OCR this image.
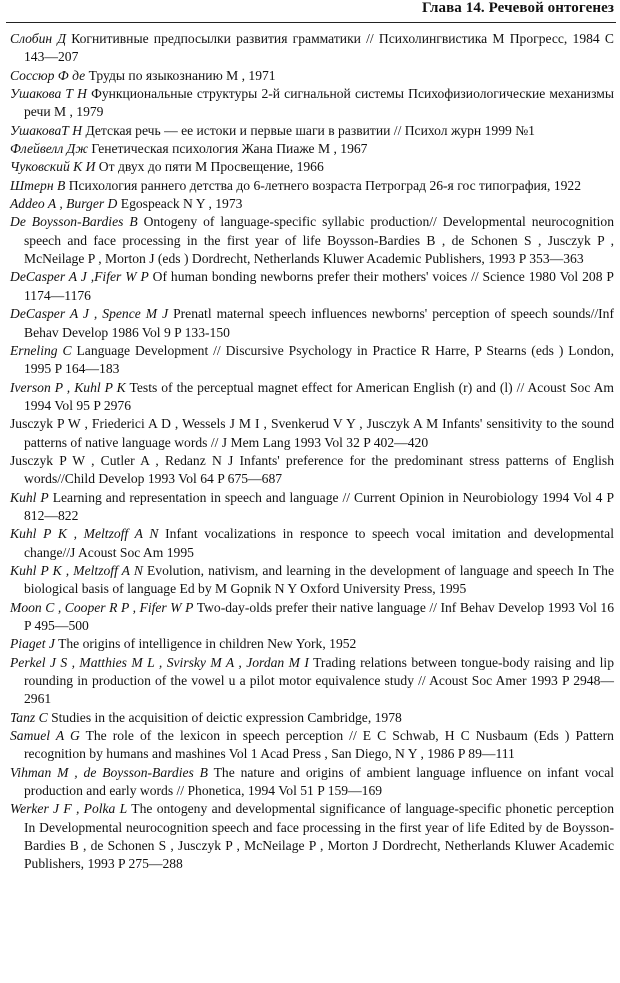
Глава 14. Речевой онтогенез

Слобин Д Когнитивные предпосылки развития грамматики // Психолингвистика М Прогресс, 1984 С 143—207

Соссюр Ф де Труды по языкознанию М , 1971

Ушакова Т Н Функциональные структуры 2-й сигнальной системы Психофизиологические механизмы речи М , 1979

УшаковаТ Н Детская речь — ее истоки и первые шаги в развитии // Психол журн 1999 №1

Флейвелл Дж Генетическая психология Жана Пиаже М , 1967

Чуковский К И От двух до пяти М Просвещение, 1966

Штерн В Психология раннего детства до 6-летнего возраста Петроград 26-я гос типография, 1922

Addeo A , Burger D Egospeack N Y , 1973

De Boysson-Bardies B Ontogeny of language-specific syllabic production// Developmental neurocognition speech and face processing in the first year of life Boysson-Bardies B , de Schonen S , Jusczyk P , McNeilage P , Morton J (eds ) Dordrecht, Netherlands Kluwer Academic Publishers, 1993 P 353—363

DeCasper A J ,Fifer W P Of human bonding newborns prefer their mothers' voices // Science 1980 Vol 208 P 1174—1176

DeCasper A J , Spence M J Prenatl maternal speech influences newborns' perception of speech sounds//Inf Behav Develop 1986 Vol 9 P 133-150

Erneling C Language Development // Discursive Psychology in Practice R Harre, P Stearns (eds ) London, 1995 P 164—183

Iverson P , Kuhl P K Tests of the perceptual magnet effect for American English (r) and (l) // Acoust Soc Am 1994 Vol 95 P 2976

Jusczyk P W , Friederici A D , Wessels J M I , Svenkerud V Y , Jusczyk A M Infants' sensitivity to the sound patterns of native language words // J Mem Lang 1993 Vol 32 P 402—420

Jusczyk P W , Cutler A , Redanz N J Infants' preference for the predominant stress patterns of English words//Child Develop 1993 Vol 64 P 675—687

Kuhl P Learning and representation in speech and language // Current Opinion in Neurobiology 1994 Vol 4 P 812—822

Kuhl P K , Meltzoff A N Infant vocalizations in responce to speech vocal imitation and developmental change//J Acoust Soc Am 1995

Kuhl P K , Meltzoff A N Evolution, nativism, and learning in the development of language and speech In The biological basis of language Ed by M Gopnik N Y Oxford University Press, 1995

Moon C , Cooper R P , Fifer W P Two-day-olds prefer their native language // Inf Behav Develop 1993 Vol 16 P 495—500

Piaget J The origins of intelligence in children New York, 1952

Perkel J S , Matthies M L , Svirsky M A , Jordan M I Trading relations between tongue-body raising and lip rounding in production of the vowel u a pilot motor equivalence study // Acoust Soc Amer 1993 P 2948—2961

Tanz C Studies in the acquisition of deictic expression Cambridge, 1978

Samuel A G The role of the lexicon in speech perception // E C Schwab, H C Nusbaum (Eds ) Pattern recognition by humans and mashines Vol 1 Acad Press , San Diego, N Y , 1986 P 89—111

Vihman M , de Boysson-Bardies B The nature and origins of ambient language influence on infant vocal production and early words // Phonetica, 1994 Vol 51 P 159—169

Werker J F , Polka L The ontogeny and developmental significance of language-specific phonetic perception In Developmental neurocognition speech and face processing in the first year of life Edited by de Boysson-Bardies B , de Schonen S , Jusczyk P , McNeilage P , Morton J Dordrecht, Netherlands Kluwer Academic Publishers, 1993 P 275—288
